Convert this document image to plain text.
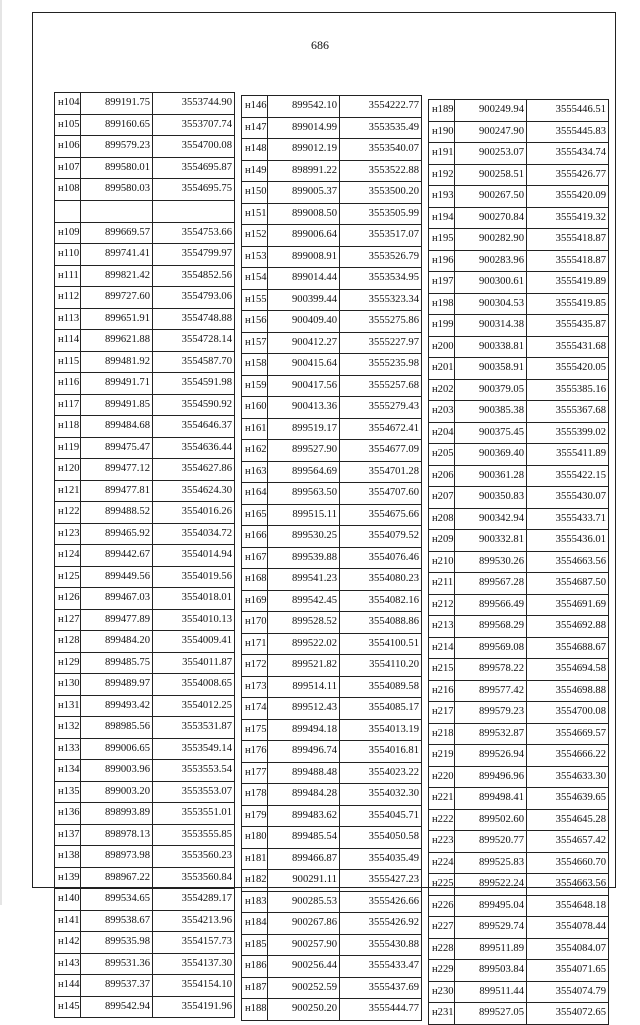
686
н104	899191.75	3553744.90
н105	899160.65	3553707.74
н106	899579.23	3554700.08
н107	899580.01	3554695.87
н108	899580.03	3554695.75

н109	899669.57	3554753.66
н110	899741.41	3554799.97
н111	899821.42	3554852.56
н112	899727.60	3554793.06
н113	899651.91	3554748.88
н114	899621.88	3554728.14
н115	899481.92	3554587.70
н116	899491.71	3554591.98
н117	899491.85	3554590.92
н118	899484.68	3554646.37
н119	899475.47	3554636.44
н120	899477.12	3554627.86
н121	899477.81	3554624.30
н122	899488.52	3554016.26
н123	899465.92	3554034.72
н124	899442.67	3554014.94
н125	899449.56	3554019.56
н126	899467.03	3554018.01
н127	899477.89	3554010.13
н128	899484.20	3554009.41
н129	899485.75	3554011.87
н130	899489.97	3554008.65
н131	899493.42	3554012.25
н132	898985.56	3553531.87
н133	899006.65	3553549.14
н134	899003.96	3553553.54
н135	899003.20	3553553.07
н136	898993.89	3553551.01
н137	898978.13	3553555.85
н138	898973.98	3553560.23
н139	898967.22	3553560.84
н140	899534.65	3554289.17
н141	899538.67	3554213.96
н142	899535.98	3554157.73
н143	899531.36	3554137.30
н144	899537.37	3554154.10
н145	899542.94	3554191.96
н146	899542.10	3554222.77
н147	899014.99	3553535.49
н148	899012.19	3553540.07
н149	898991.22	3553522.88
н150	899005.37	3553500.20
н151	899008.50	3553505.99
н152	899006.64	3553517.07
н153	899008.91	3553526.79
н154	899014.44	3553534.95
н155	900399.44	3555323.34
н156	900409.40	3555275.86
н157	900412.27	3555227.97
н158	900415.64	3555235.98
н159	900417.56	3555257.68
н160	900413.36	3555279.43
н161	899519.17	3554672.41
н162	899527.90	3554677.09
н163	899564.69	3554701.28
н164	899563.50	3554707.60
н165	899515.11	3554675.66
н166	899530.25	3554079.52
н167	899539.88	3554076.46
н168	899541.23	3554080.23
н169	899542.45	3554082.16
н170	899528.52	3554088.86
н171	899522.02	3554100.51
н172	899521.82	3554110.20
н173	899514.11	3554089.58
н174	899512.43	3554085.17
н175	899494.18	3554013.19
н176	899496.74	3554016.81
н177	899488.48	3554023.22
н178	899484.28	3554032.30
н179	899483.62	3554045.71
н180	899485.54	3554050.58
н181	899466.87	3554035.49
н182	900291.11	3555427.23
н183	900285.53	3555426.66
н184	900267.86	3555426.92
н185	900257.90	3555430.88
н186	900256.44	3555433.47
н187	900252.59	3555437.69
н188	900250.20	3555444.77
н189	900249.94	3555446.51
н190	900247.90	3555445.83
н191	900253.07	3555434.74
н192	900258.51	3555426.77
н193	900267.50	3555420.09
н194	900270.84	3555419.32
н195	900282.90	3555418.87
н196	900283.96	3555418.87
н197	900300.61	3555419.89
н198	900304.53	3555419.85
н199	900314.38	3555435.87
н200	900338.81	3555431.68
н201	900358.91	3555420.05
н202	900379.05	3555385.16
н203	900385.38	3555367.68
н204	900375.45	3555399.02
н205	900369.40	3555411.89
н206	900361.28	3555422.15
н207	900350.83	3555430.07
н208	900342.94	3555433.71
н209	900332.81	3555436.01
н210	899530.26	3554663.56
н211	899567.28	3554687.50
н212	899566.49	3554691.69
н213	899568.29	3554692.88
н214	899569.08	3554688.67
н215	899578.22	3554694.58
н216	899577.42	3554698.88
н217	899579.23	3554700.08
н218	899532.87	3554669.57
н219	899526.94	3554666.22
н220	899496.96	3554633.30
н221	899498.41	3554639.65
н222	899502.60	3554645.28
н223	899520.77	3554657.42
н224	899525.83	3554660.70
н225	899522.24	3554663.56
н226	899495.04	3554648.18
н227	899529.74	3554078.44
н228	899511.89	3554084.07
н229	899503.84	3554071.65
н230	899511.44	3554074.79
н231	899527.05	3554072.65
